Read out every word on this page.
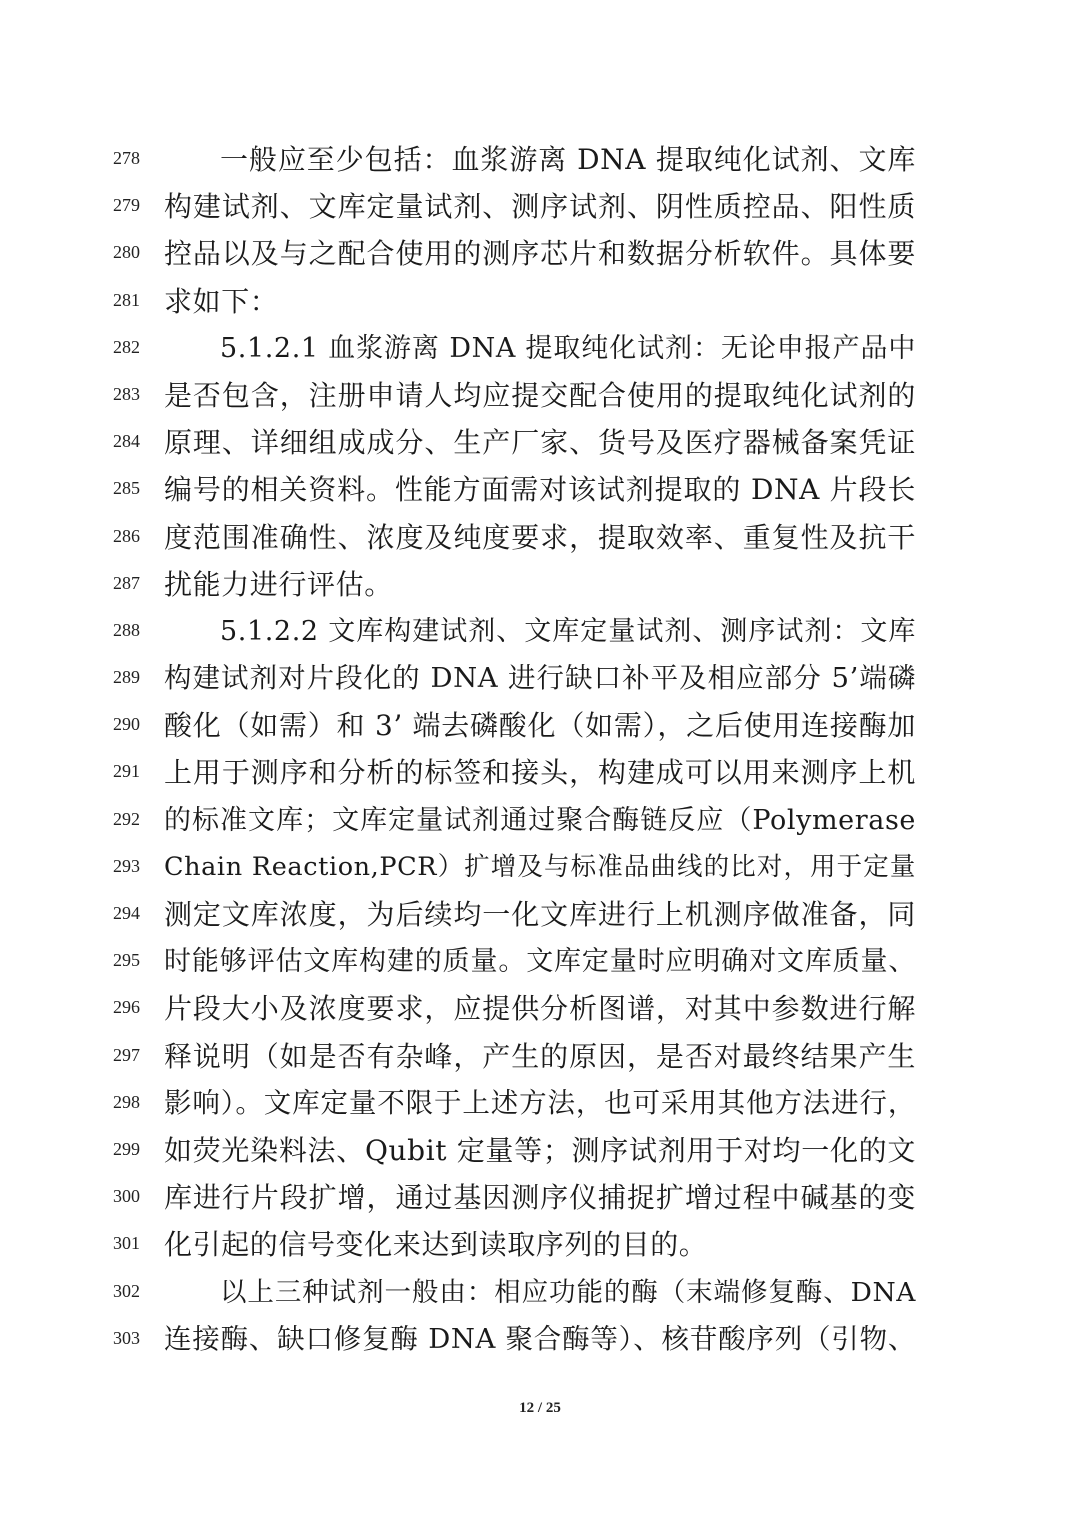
278	一般应至少包括：血浆游离 DNA 提取纯化试剂、文库
279 构建试剂、文库定量试剂、测序试剂、阴性质控品、阳性质
280 控品以及与之配合使用的测序芯片和数据分析软件。具体要
281 求如下：
282	5.1.2.1 血浆游离 DNA 提取纯化试剂：无论申报产品中
283 是否包含，注册申请人均应提交配合使用的提取纯化试剂的
284 原理、详细组成成分、生产厂家、货号及医疗器械备案凭证
285 编号的相关资料。性能方面需对该试剂提取的 DNA 片段长
286 度范围准确性、浓度及纯度要求，提取效率、重复性及抗干
287 扰能力进行评估。
288	5.1.2.2 文库构建试剂、文库定量试剂、测序试剂：文库
289 构建试剂对片段化的 DNA 进行缺口补平及相应部分 5’端磷
290 酸化（如需）和 3’ 端去磷酸化（如需），之后使用连接酶加
291 上用于测序和分析的标签和接头，构建成可以用来测序上机
292 的标准文库；文库定量试剂通过聚合酶链反应（Polymerase
293 Chain Reaction,PCR）扩增及与标准品曲线的比对，用于定量
294 测定文库浓度，为后续均一化文库进行上机测序做准备，同
295 时能够评估文库构建的质量。文库定量时应明确对文库质量、
296 片段大小及浓度要求，应提供分析图谱，对其中参数进行解
297 释说明（如是否有杂峰，产生的原因，是否对最终结果产生
298 影响）。文库定量不限于上述方法，也可采用其他方法进行，
299 如荧光染料法、Qubit 定量等；测序试剂用于对均一化的文
300 库进行片段扩增，通过基因测序仪捕捉扩增过程中碱基的变
301 化引起的信号变化来达到读取序列的目的。
302	以上三种试剂一般由：相应功能的酶（末端修复酶、DNA
303 连接酶、缺口修复酶 DNA 聚合酶等）、核苷酸序列（引物、
12 / 25
